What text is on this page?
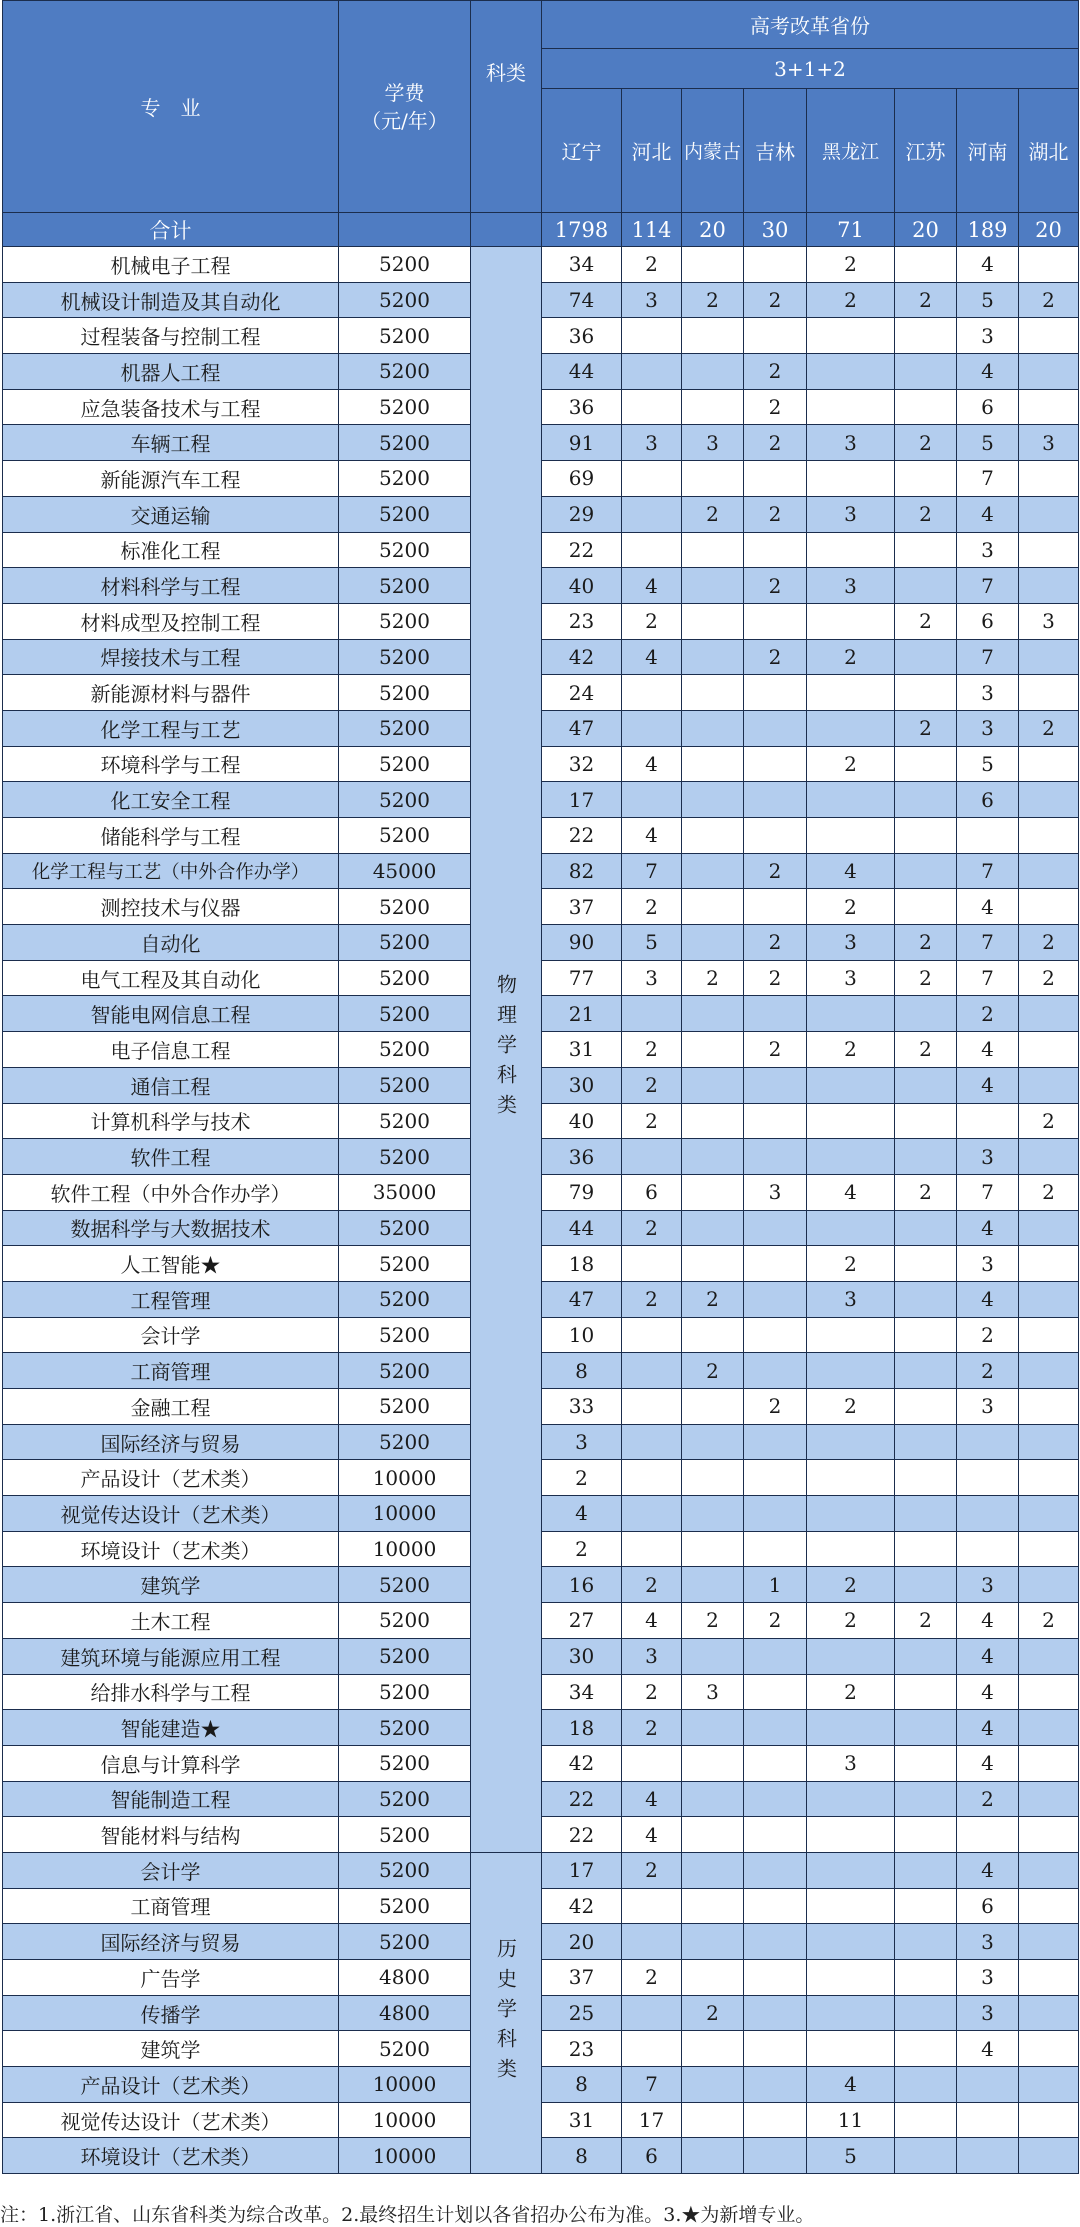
专　业	学费
（元/年）	科类	高考改革省份							
			3+1+2							
			辽宁	河北	内蒙古	吉林	黑龙江	江苏	河南	湖北
合计			1798	114	20	30	71	20	189	20
机械电子工程	5200	物理学科类	34	2			2		4	
机械设计制造及其自动化	5200		74	3	2	2	2	2	5	2
过程装备与控制工程	5200		36						3	
机器人工程	5200		44			2			4	
应急装备技术与工程	5200		36			2			6	
车辆工程	5200		91	3	3	2	3	2	5	3
新能源汽车工程	5200		69						7	
交通运输	5200		29		2	2	3	2	4	
标准化工程	5200		22						3	
材料科学与工程	5200		40	4		2	3		7	
材料成型及控制工程	5200		23	2				2	6	3
焊接技术与工程	5200		42	4		2	2		7	
新能源材料与器件	5200		24						3	
化学工程与工艺	5200		47					2	3	2
环境科学与工程	5200		32	4			2		5	
化工安全工程	5200		17						6	
储能科学与工程	5200		22	4						
化学工程与工艺（中外合作办学）	45000		82	7		2	4		7	
测控技术与仪器	5200		37	2			2		4	
自动化	5200		90	5		2	3	2	7	2
电气工程及其自动化	5200		77	3	2	2	3	2	7	2
智能电网信息工程	5200		21						2	
电子信息工程	5200		31	2		2	2	2	4	
通信工程	5200		30	2					4	
计算机科学与技术	5200		40	2						2
软件工程	5200		36						3	
软件工程（中外合作办学）	35000		79	6		3	4	2	7	2
数据科学与大数据技术	5200		44	2					4	
人工智能★	5200		18				2		3	
工程管理	5200		47	2	2		3		4	
会计学	5200		10						2	
工商管理	5200		8		2				2	
金融工程	5200		33			2	2		3	
国际经济与贸易	5200		3							
产品设计（艺术类）	10000		2							
视觉传达设计（艺术类）	10000		4							
环境设计（艺术类）	10000		2							
建筑学	5200		16	2		1	2		3	
土木工程	5200		27	4	2	2	2	2	4	2
建筑环境与能源应用工程	5200		30	3					4	
给排水科学与工程	5200		34	2	3		2		4	
智能建造★	5200		18	2					4	
信息与计算科学	5200		42				3		4	
智能制造工程	5200		22	4					2	
智能材料与结构	5200		22	4						
会计学	5200	历史学科类	17	2					4	
工商管理	5200		42						6	
国际经济与贸易	5200		20						3	
广告学	4800		37	2					3	
传播学	4800		25		2				3	
建筑学	5200		23						4	
产品设计（艺术类）	10000		8	7			4			
视觉传达设计（艺术类）	10000		31	17			11			
环境设计（艺术类）	10000		8	6			5			
注：1.浙江省、山东省科类为综合改革。2.最终招生计划以各省招办公布为准。3.★为新增专业。
